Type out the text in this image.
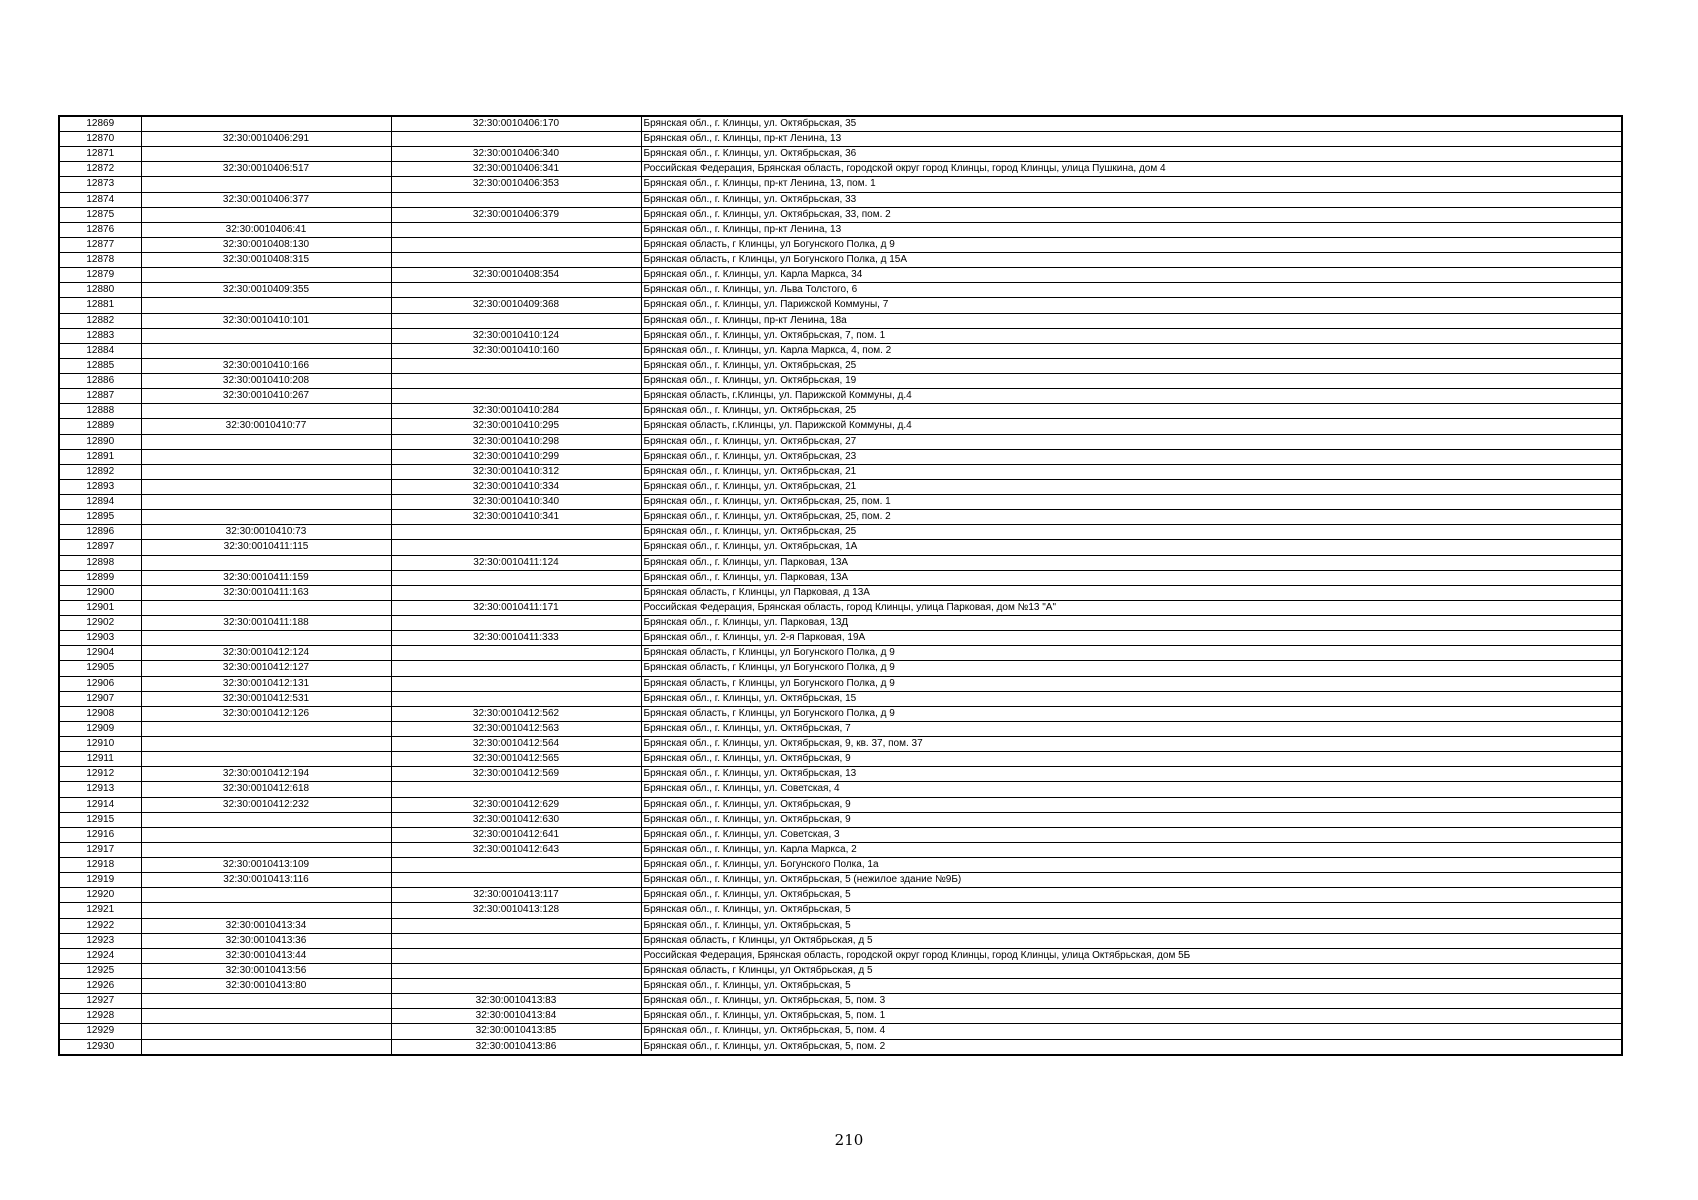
12869		32:30:0010406:170	Брянская обл., г. Клинцы, ул. Октябрьская, 35
12870	32:30:0010406:291		Брянская обл., г. Клинцы, пр-кт Ленина, 13
12871		32:30:0010406:340	Брянская обл., г. Клинцы, ул. Октябрьская, 36
12872	32:30:0010406:517	32:30:0010406:341	Российская Федерация, Брянская область, городской округ город Клинцы, город Клинцы, улица Пушкина, дом 4
12873		32:30:0010406:353	Брянская обл., г. Клинцы, пр-кт Ленина, 13, пом. 1
12874	32:30:0010406:377		Брянская обл., г. Клинцы, ул. Октябрьская, 33
12875		32:30:0010406:379	Брянская обл., г. Клинцы, ул. Октябрьская, 33, пом. 2
12876	32:30:0010406:41		Брянская обл., г. Клинцы, пр-кт Ленина, 13
12877	32:30:0010408:130		Брянская область, г Клинцы, ул Богунского Полка, д 9
12878	32:30:0010408:315		Брянская область, г Клинцы, ул Богунского Полка, д 15А
12879		32:30:0010408:354	Брянская обл., г. Клинцы, ул. Карла Маркса, 34
12880	32:30:0010409:355		Брянская обл., г. Клинцы, ул. Льва Толстого, 6
12881		32:30:0010409:368	Брянская обл., г. Клинцы, ул. Парижской Коммуны, 7
12882	32:30:0010410:101		Брянская обл., г. Клинцы, пр-кт Ленина, 18а
12883		32:30:0010410:124	Брянская обл., г. Клинцы, ул. Октябрьская, 7, пом. 1
12884		32:30:0010410:160	Брянская обл., г. Клинцы, ул. Карла Маркса, 4, пом. 2
12885	32:30:0010410:166		Брянская обл., г. Клинцы, ул. Октябрьская, 25
12886	32:30:0010410:208		Брянская обл., г. Клинцы, ул. Октябрьская, 19
12887	32:30:0010410:267		Брянская область, г.Клинцы, ул. Парижской Коммуны, д.4
12888		32:30:0010410:284	Брянская обл., г. Клинцы, ул. Октябрьская, 25
12889	32:30:0010410:77	32:30:0010410:295	Брянская область, г.Клинцы, ул. Парижской Коммуны, д.4
12890		32:30:0010410:298	Брянская обл., г. Клинцы, ул. Октябрьская, 27
12891		32:30:0010410:299	Брянская обл., г. Клинцы, ул. Октябрьская, 23
12892		32:30:0010410:312	Брянская обл., г. Клинцы, ул. Октябрьская, 21
12893		32:30:0010410:334	Брянская обл., г. Клинцы, ул. Октябрьская, 21
12894		32:30:0010410:340	Брянская обл., г. Клинцы, ул. Октябрьская, 25, пом. 1
12895		32:30:0010410:341	Брянская обл., г. Клинцы, ул. Октябрьская, 25, пом. 2
12896	32:30:0010410:73		Брянская обл., г. Клинцы, ул. Октябрьская, 25
12897	32:30:0010411:115		Брянская обл., г. Клинцы, ул. Октябрьская, 1А
12898		32:30:0010411:124	Брянская обл., г. Клинцы, ул. Парковая, 13А
12899	32:30:0010411:159		Брянская обл., г. Клинцы, ул. Парковая, 13А
12900	32:30:0010411:163		Брянская область, г Клинцы, ул Парковая, д 13А
12901		32:30:0010411:171	Российская Федерация, Брянская область, город Клинцы, улица Парковая, дом №13 "А"
12902	32:30:0010411:188		Брянская обл., г. Клинцы, ул. Парковая, 13Д
12903		32:30:0010411:333	Брянская обл., г. Клинцы, ул. 2-я Парковая, 19А
12904	32:30:0010412:124		Брянская область, г Клинцы, ул Богунского Полка, д 9
12905	32:30:0010412:127		Брянская область, г Клинцы, ул Богунского Полка, д 9
12906	32:30:0010412:131		Брянская область, г Клинцы, ул Богунского Полка, д 9
12907	32:30:0010412:531		Брянская обл., г. Клинцы, ул. Октябрьская, 15
12908	32:30:0010412:126	32:30:0010412:562	Брянская область, г Клинцы, ул Богунского Полка, д 9
12909		32:30:0010412:563	Брянская обл., г. Клинцы, ул. Октябрьская, 7
12910		32:30:0010412:564	Брянская обл., г. Клинцы, ул. Октябрьская, 9, кв. 37, пом. 37
12911		32:30:0010412:565	Брянская обл., г. Клинцы, ул. Октябрьская, 9
12912	32:30:0010412:194	32:30:0010412:569	Брянская обл., г. Клинцы, ул. Октябрьская, 13
12913	32:30:0010412:618		Брянская обл., г. Клинцы, ул. Советская, 4
12914	32:30:0010412:232	32:30:0010412:629	Брянская обл., г. Клинцы, ул. Октябрьская, 9
12915		32:30:0010412:630	Брянская обл., г. Клинцы, ул. Октябрьская, 9
12916		32:30:0010412:641	Брянская обл., г. Клинцы, ул. Советская, 3
12917		32:30:0010412:643	Брянская обл., г. Клинцы, ул. Карла Маркса, 2
12918	32:30:0010413:109		Брянская обл., г. Клинцы, ул. Богунского Полка, 1а
12919	32:30:0010413:116		Брянская обл., г. Клинцы, ул. Октябрьская, 5 (нежилое здание №9Б)
12920		32:30:0010413:117	Брянская обл., г. Клинцы, ул. Октябрьская, 5
12921		32:30:0010413:128	Брянская обл., г. Клинцы, ул. Октябрьская, 5
12922	32:30:0010413:34		Брянская обл., г. Клинцы, ул. Октябрьская, 5
12923	32:30:0010413:36		Брянская область, г Клинцы, ул Октябрьская, д 5
12924	32:30:0010413:44		Российская Федерация, Брянская область, городской округ город Клинцы, город Клинцы, улица Октябрьская, дом 5Б
12925	32:30:0010413:56		Брянская область, г Клинцы, ул Октябрьская, д 5
12926	32:30:0010413:80		Брянская обл., г. Клинцы, ул. Октябрьская, 5
12927		32:30:0010413:83	Брянская обл., г. Клинцы, ул. Октябрьская, 5, пом. 3
12928		32:30:0010413:84	Брянская обл., г. Клинцы, ул. Октябрьская, 5, пом. 1
12929		32:30:0010413:85	Брянская обл., г. Клинцы, ул. Октябрьская, 5, пом. 4
12930		32:30:0010413:86	Брянская обл., г. Клинцы, ул. Октябрьская, 5, пом. 2
210
